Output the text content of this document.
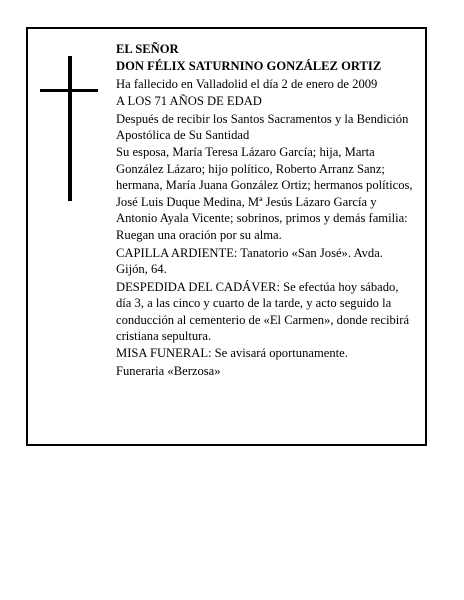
EL SEÑOR

DON FÉLIX SATURNINO GONZÁLEZ ORTIZ

Ha fallecido en Valladolid el día 2 de enero de 2009

A LOS 71 AÑOS DE EDAD

Después de recibir los Santos Sacramentos y la Bendición Apostólica de Su Santidad

Su esposa, María Teresa Lázaro García; hija, Marta González Lázaro; hijo político, Roberto Arranz Sanz; hermana, María Juana González Ortiz; hermanos políticos, José Luis Duque Medina, Mª Jesús Lázaro García y Antonio Ayala Vicente; sobrinos, primos y demás familia:

Ruegan una oración por su alma.

CAPILLA ARDIENTE: Tanatorio «San José». Avda. Gijón, 64.

DESPEDIDA DEL CADÁVER: Se efectúa hoy sábado, día 3, a las cinco y cuarto de la tarde, y acto seguido la conducción al cementerio de «El Carmen», donde recibirá cristiana sepultura.

MISA FUNERAL: Se avisará oportunamente.

Funeraria «Berzosa»
